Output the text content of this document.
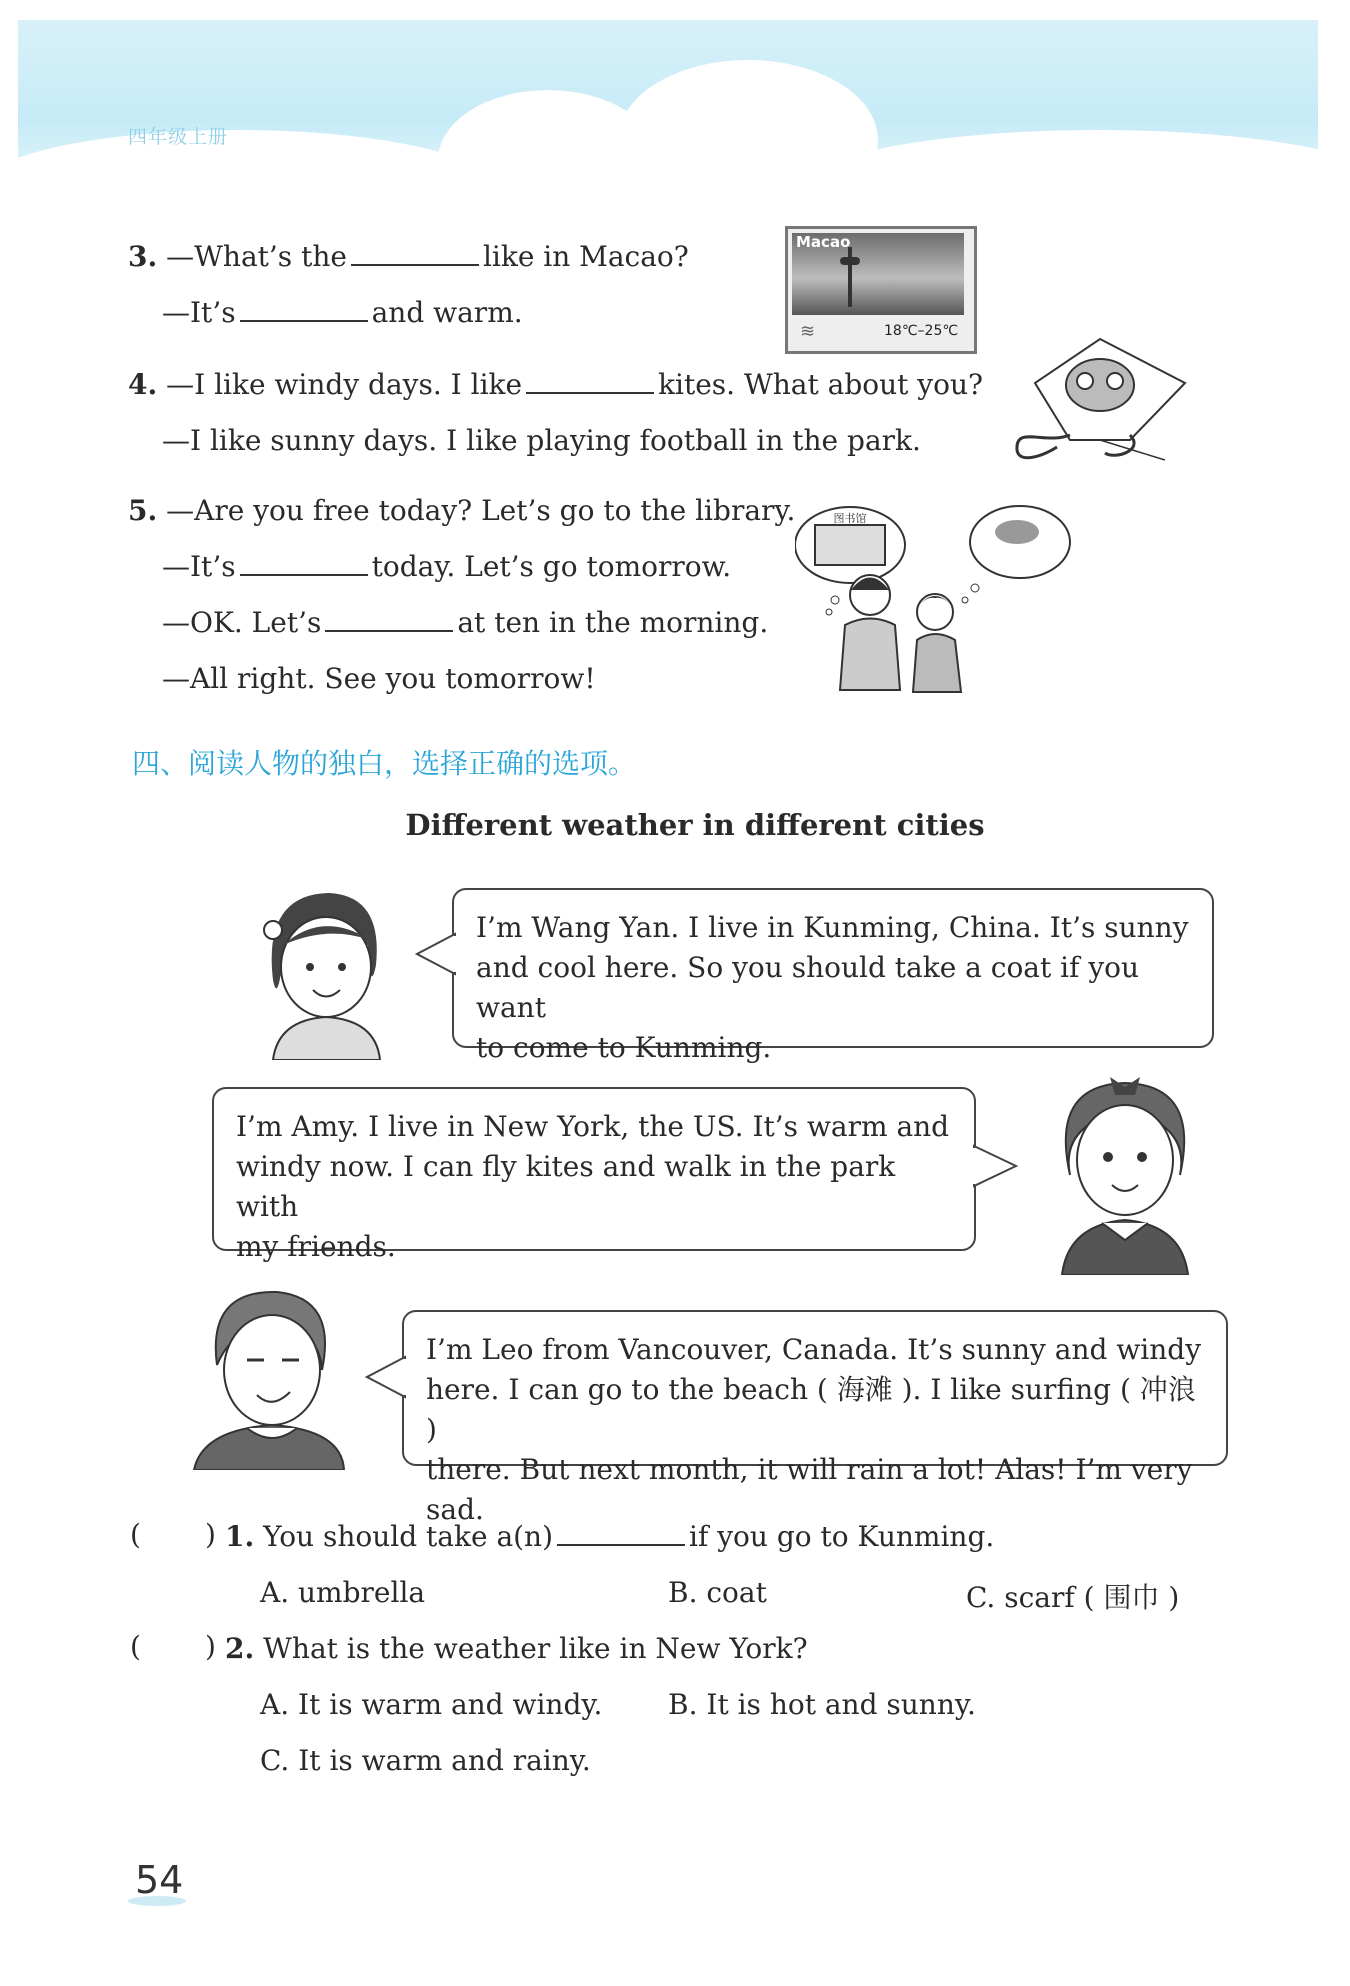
四年级上册
3. —What’s the	like in Macao?
—It’s	and warm.
Macao
≋	18℃–25℃
4. —I like windy days. I like	kites. What about you?
—I like sunny days. I like playing football in the park.
5. —Are you free today? Let’s go to the library.
—It’s	today. Let’s go tomorrow.
—OK. Let’s	at ten in the morning.
—All right. See you tomorrow!
图书馆
四、阅读人物的独白，选择正确的选项。
Different weather in different cities

I’m Wang Yan. I live in Kunming, China. It’s sunny

and cool here. So you should take a coat if you want

to come to Kunming.

I’m Amy. I live in New York, the US. It’s warm and

windy now. I can fly kites and walk in the park with

my friends.

I’m Leo from Vancouver, Canada. It’s sunny and windy

here. I can go to the beach ( 海滩 ). I like surfing ( 冲浪 )

there. But next month, it will rain a lot! Alas! I’m very sad.

( ) 1. You should take a(n)	if you go to Kunming.
A. umbrella	B. coat	C. scarf ( 围巾 )
( ) 2. What is the weather like in New York?
A. It is warm and windy. B. It is hot and sunny.
C. It is warm and rainy.
54
